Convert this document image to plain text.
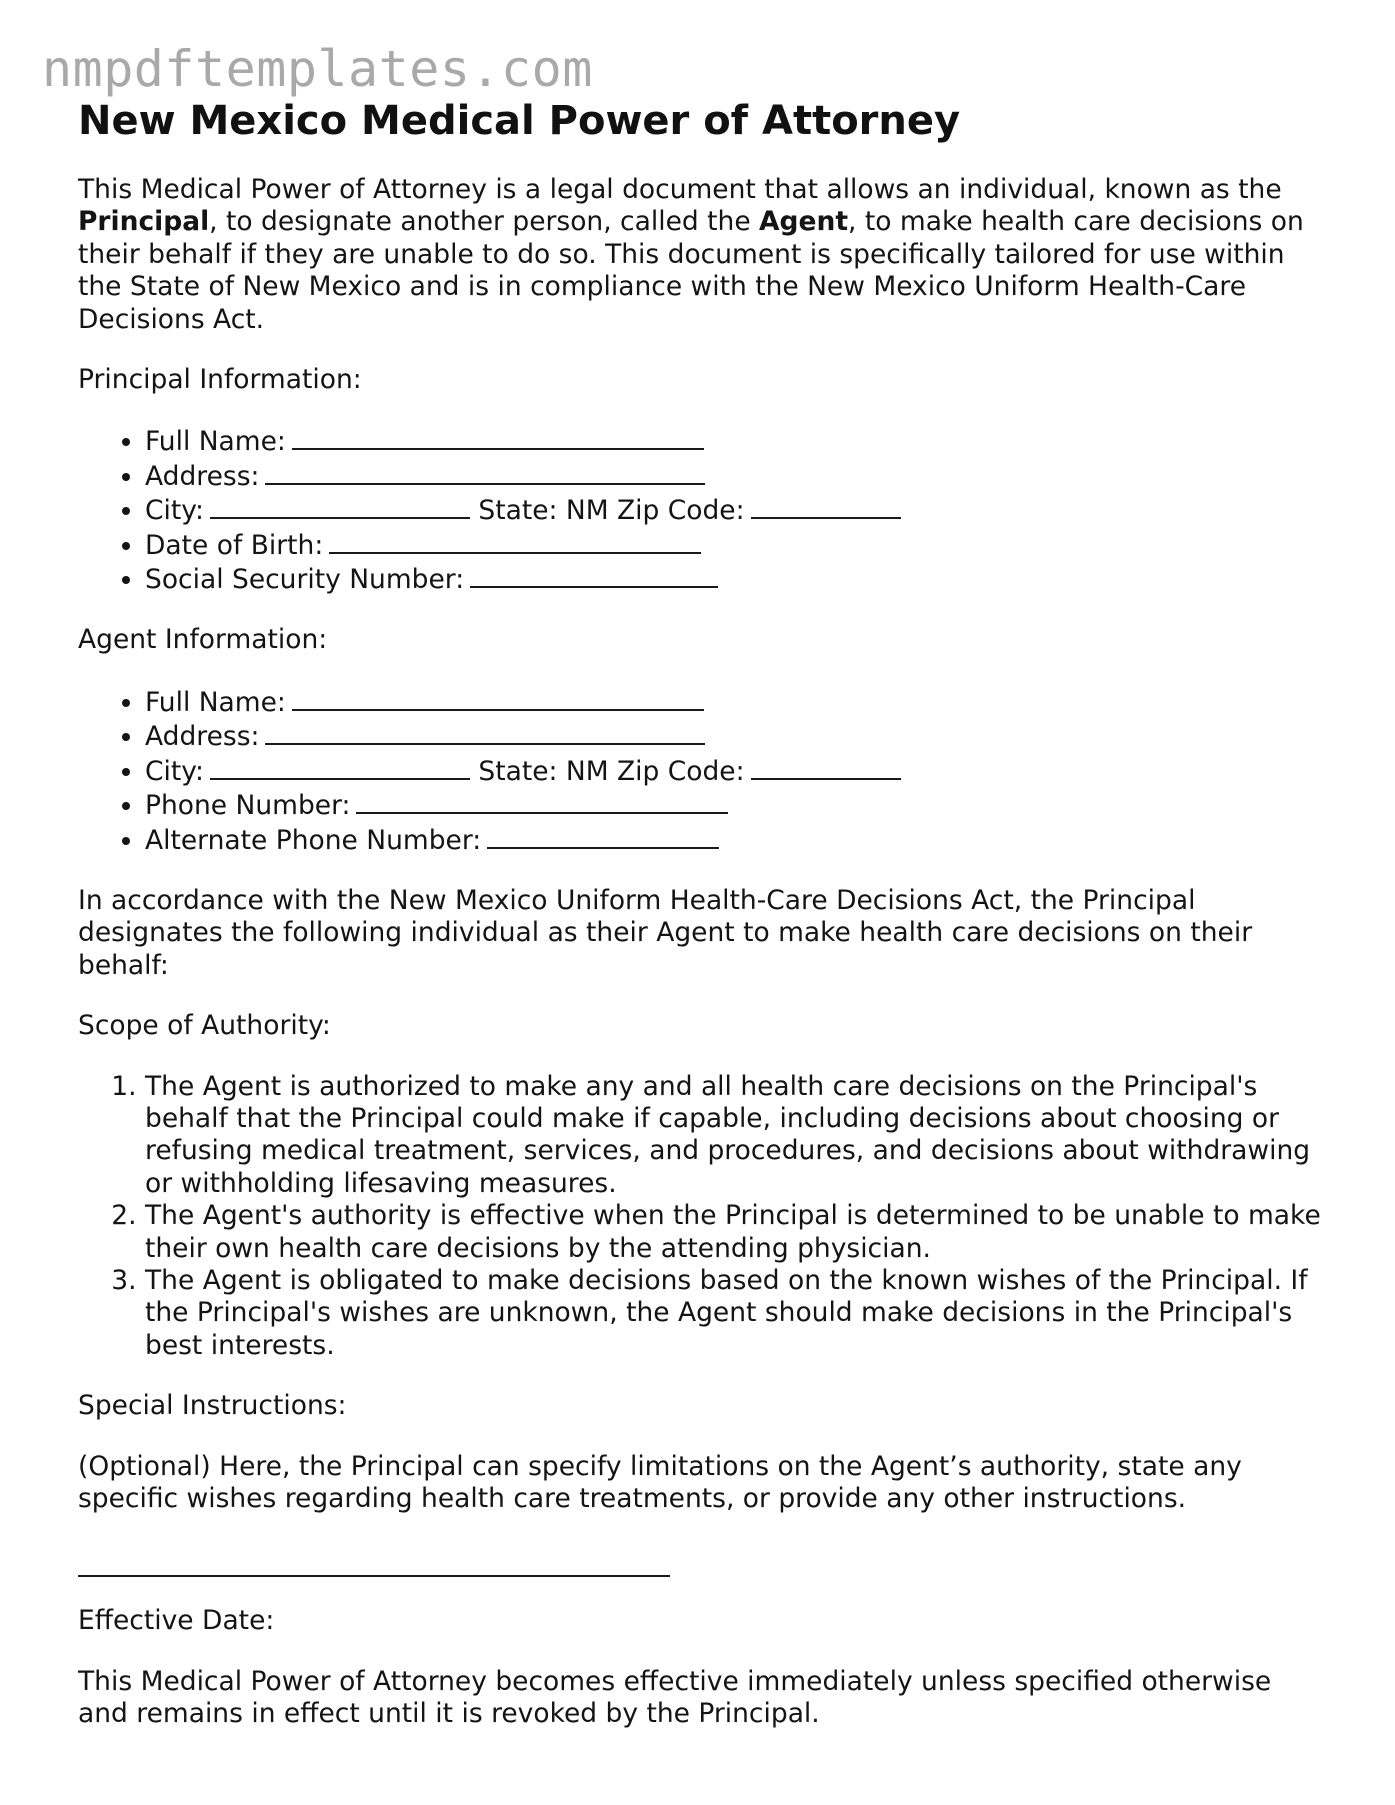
nmpdftemplates.com
New Mexico Medical Power of Attorney

This Medical Power of Attorney is a legal document that allows an individual, known as the Principal, to designate another person, called the Agent, to make health care decisions on their behalf if they are unable to do so. This document is specifically tailored for use within the State of New Mexico and is in compliance with the New Mexico Uniform Health-Care Decisions Act.

Principal Information:

• Full Name:
• Address:
• City:	State: NM Zip Code:
• Date of Birth:
• Social Security Number:

Agent Information:

• Full Name:
• Address:
• City:	State: NM Zip Code:
• Phone Number:
• Alternate Phone Number:

In accordance with the New Mexico Uniform Health-Care Decisions Act, the Principal designates the following individual as their Agent to make health care decisions on their behalf:

Scope of Authority:

1. The Agent is authorized to make any and all health care decisions on the Principal's behalf that the Principal could make if capable, including decisions about choosing or refusing medical treatment, services, and procedures, and decisions about withdrawing or withholding lifesaving measures.
2. The Agent's authority is effective when the Principal is determined to be unable to make their own health care decisions by the attending physician.
3. The Agent is obligated to make decisions based on the known wishes of the Principal. If the Principal's wishes are unknown, the Agent should make decisions in the Principal's best interests.

Special Instructions:

(Optional) Here, the Principal can specify limitations on the Agent’s authority, state any specific wishes regarding health care treatments, or provide any other instructions.

Effective Date:

This Medical Power of Attorney becomes effective immediately unless specified otherwise and remains in effect until it is revoked by the Principal.
